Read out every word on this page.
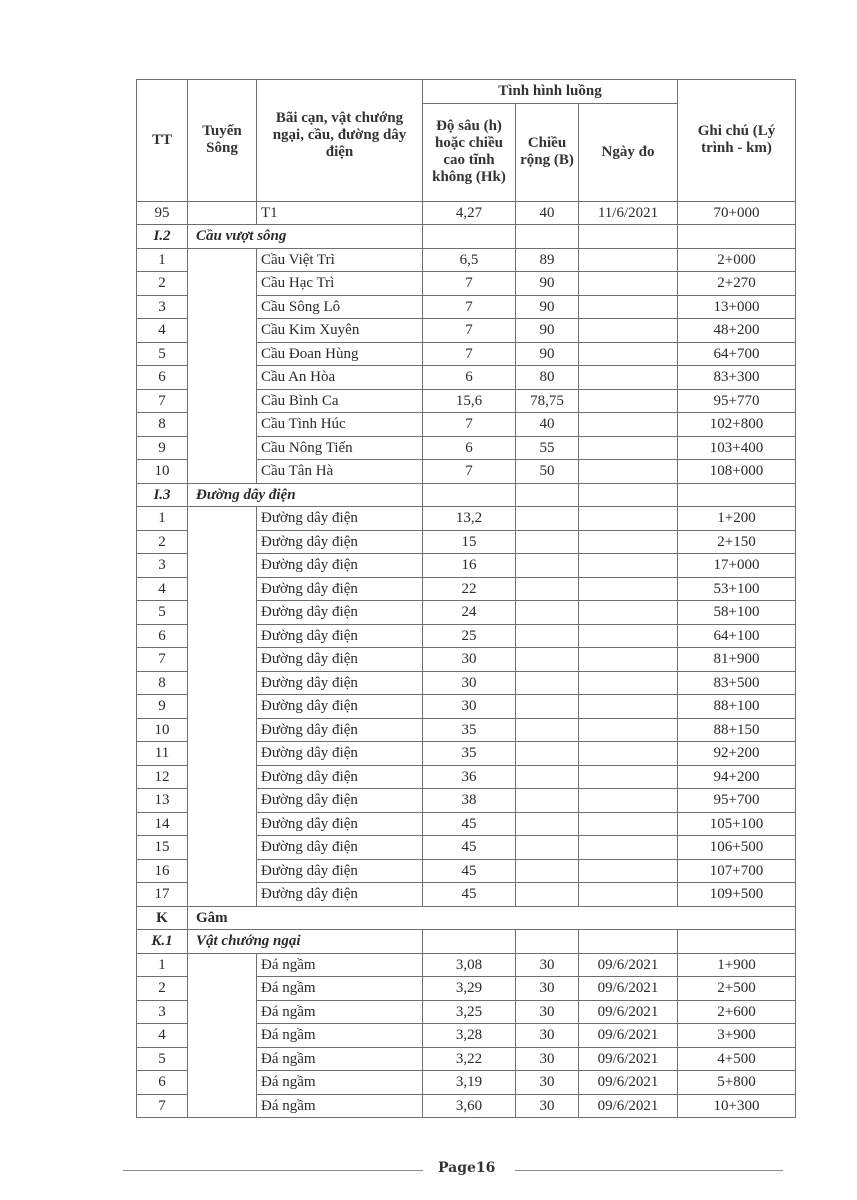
TT	Tuyến Sông	Bãi cạn, vật chướng ngại, cầu, đường dây điện	Tình hình luồng			Ghi chú (Lý trình - km)
			Độ sâu (h) hoặc chiều cao tĩnh không (Hk)	Chiều rộng (B)	Ngày đo	
95		T1	4,27	40	11/6/2021	70+000
I.2	Cầu vượt sông					
1		Cầu Việt Trì	6,5	89		2+000
2		Cầu Hạc Trì	7	90		2+270
3		Cầu Sông Lô	7	90		13+000
4		Cầu Kim Xuyên	7	90		48+200
5		Cầu Đoan Hùng	7	90		64+700
6		Cầu An Hòa	6	80		83+300
7		Cầu Bình Ca	15,6	78,75		95+770
8		Cầu Tình Húc	7	40		102+800
9		Cầu Nông Tiến	6	55		103+400
10		Cầu Tân Hà	7	50		108+000
I.3	Đường dây điện					
1		Đường dây điện	13,2			1+200
2		Đường dây điện	15			2+150
3		Đường dây điện	16			17+000
4		Đường dây điện	22			53+100
5		Đường dây điện	24			58+100
6		Đường dây điện	25			64+100
7		Đường dây điện	30			81+900
8		Đường dây điện	30			83+500
9		Đường dây điện	30			88+100
10		Đường dây điện	35			88+150
11		Đường dây điện	35			92+200
12		Đường dây điện	36			94+200
13		Đường dây điện	38			95+700
14		Đường dây điện	45			105+100
15		Đường dây điện	45			106+500
16		Đường dây điện	45			107+700
17		Đường dây điện	45			109+500
K	Gâm					
K.1	Vật chướng ngại					
1		Đá ngầm	3,08	30	09/6/2021	1+900
2		Đá ngầm	3,29	30	09/6/2021	2+500
3		Đá ngầm	3,25	30	09/6/2021	2+600
4		Đá ngầm	3,28	30	09/6/2021	3+900
5		Đá ngầm	3,22	30	09/6/2021	4+500
6		Đá ngầm	3,19	30	09/6/2021	5+800
7		Đá ngầm	3,60	30	09/6/2021	10+300
Page16
